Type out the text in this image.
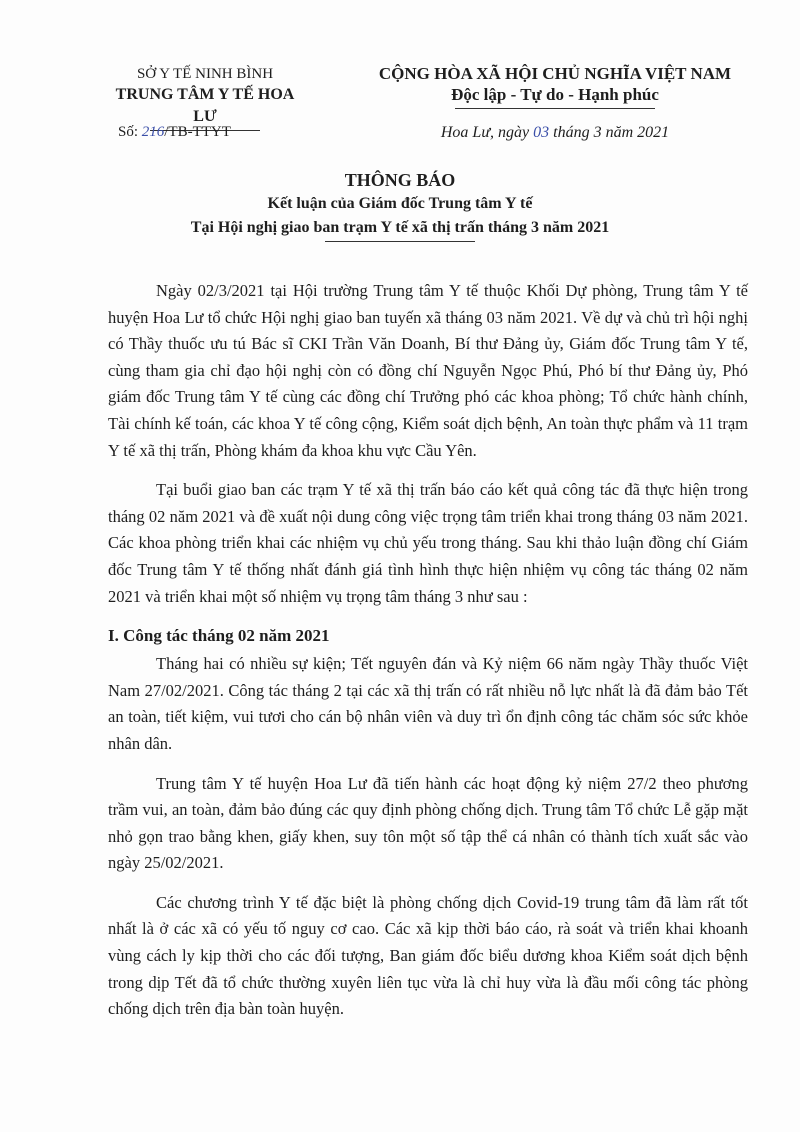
SỞ Y TẾ NINH BÌNH
TRUNG TÂM Y TẾ HOA LƯ
CỘNG HÒA XÃ HỘI CHỦ NGHĨA VIỆT NAM
Độc lập - Tự do - Hạnh phúc
Số: 216/TB-TTYT	Hoa Lư, ngày 03 tháng 3 năm 2021
THÔNG BÁO
Kết luận của Giám đốc Trung tâm Y tế
Tại Hội nghị giao ban trạm Y tế xã thị trấn tháng 3 năm 2021

Ngày 02/3/2021 tại Hội trường Trung tâm Y tế thuộc Khối Dự phòng, Trung tâm Y tế huyện Hoa Lư tổ chức Hội nghị giao ban tuyến xã tháng 03 năm 2021. Về dự và chủ trì hội nghị có Thầy thuốc ưu tú Bác sĩ CKI Trần Văn Doanh, Bí thư Đảng ủy, Giám đốc Trung tâm Y tế, cùng tham gia chỉ đạo hội nghị còn có đồng chí Nguyễn Ngọc Phú, Phó bí thư Đảng ủy, Phó giám đốc Trung tâm Y tế cùng các đồng chí Trưởng phó các khoa phòng; Tổ chức hành chính, Tài chính kế toán, các khoa Y tế công cộng, Kiểm soát dịch bệnh, An toàn thực phẩm và 11 trạm Y tế xã thị trấn, Phòng khám đa khoa khu vực Cầu Yên.

Tại buổi giao ban các trạm Y tế xã thị trấn báo cáo kết quả công tác đã thực hiện trong tháng 02 năm 2021 và đề xuất nội dung công việc trọng tâm triển khai trong tháng 03 năm 2021. Các khoa phòng triển khai các nhiệm vụ chủ yếu trong tháng. Sau khi thảo luận đồng chí Giám đốc Trung tâm Y tế thống nhất đánh giá tình hình thực hiện nhiệm vụ công tác tháng 02 năm 2021 và triển khai một số nhiệm vụ trọng tâm tháng 3 như sau :

I. Công tác tháng 02 năm 2021

Tháng hai có nhiều sự kiện; Tết nguyên đán và Kỷ niệm 66 năm ngày Thầy thuốc Việt Nam 27/02/2021. Công tác tháng 2 tại các xã thị trấn có rất nhiều nỗ lực nhất là đã đảm bảo Tết an toàn, tiết kiệm, vui tươi cho cán bộ nhân viên và duy trì ổn định công tác chăm sóc sức khỏe nhân dân.

Trung tâm Y tế huyện Hoa Lư đã tiến hành các hoạt động kỷ niệm 27/2 theo phương trầm vui, an toàn, đảm bảo đúng các quy định phòng chống dịch. Trung tâm Tổ chức Lễ gặp mặt nhỏ gọn trao bằng khen, giấy khen, suy tôn một số tập thể cá nhân có thành tích xuất sắc vào ngày 25/02/2021.

Các chương trình Y tế đặc biệt là phòng chống dịch Covid-19 trung tâm đã làm rất tốt nhất là ở các xã có yếu tố nguy cơ cao. Các xã kịp thời báo cáo, rà soát và triển khai khoanh vùng cách ly kịp thời cho các đối tượng, Ban giám đốc biểu dương khoa Kiểm soát dịch bệnh trong dịp Tết đã tổ chức thường xuyên liên tục vừa là chỉ huy vừa là đầu mối công tác phòng chống dịch trên địa bàn toàn huyện.
